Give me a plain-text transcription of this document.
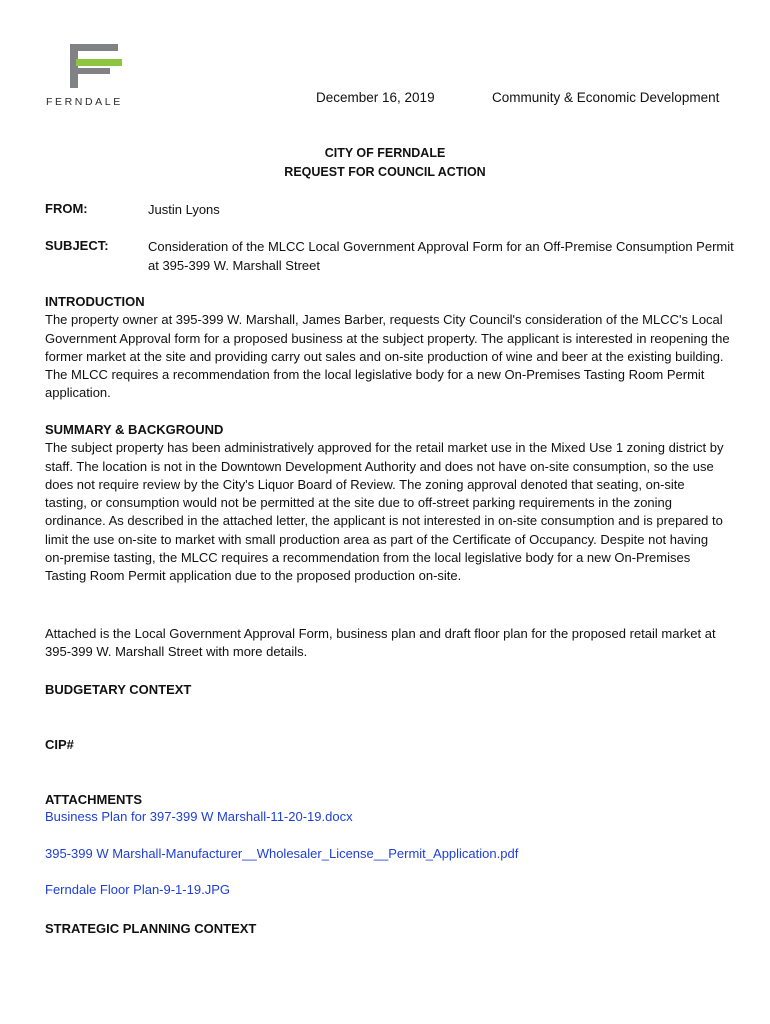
FERNDALE	December 16, 2019	Community & Economic Development
CITY OF FERNDALE
REQUEST FOR COUNCIL ACTION
FROM:	Justin Lyons
SUBJECT:	Consideration of the MLCC Local Government Approval Form for an Off-Premise Consumption Permit at 395-399 W. Marshall Street
INTRODUCTION

The property owner at 395-399 W. Marshall, James Barber, requests City Council's consideration of the MLCC's Local Government Approval form for a proposed business at the subject property. The applicant is interested in reopening the former market at the site and providing carry out sales and on-site production of wine and beer at the existing building. The MLCC requires a recommendation from the local legislative body for a new On-Premises Tasting Room Permit application.

SUMMARY & BACKGROUND

The subject property has been administratively approved for the retail market use in the Mixed Use 1 zoning district by staff. The location is not in the Downtown Development Authority and does not have on-site consumption, so the use does not require review by the City's Liquor Board of Review. The zoning approval denoted that seating, on-site tasting, or consumption would not be permitted at the site due to off-street parking requirements in the zoning ordinance. As described in the attached letter, the applicant is not interested in on-site consumption and is prepared to limit the use on-site to market with small production area as part of the Certificate of Occupancy. Despite not having on-premise tasting, the MLCC requires a recommendation from the local legislative body for a new On-Premises Tasting Room Permit application due to the proposed production on-site.

Attached is the Local Government Approval Form, business plan and draft floor plan for the proposed retail market at 395-399 W. Marshall Street with more details.
BUDGETARY CONTEXT
CIP#
ATTACHMENTS
Business Plan for 397-399 W Marshall-11-20-19.docx
395-399 W Marshall-Manufacturer__Wholesaler_License__Permit_Application.pdf
Ferndale Floor Plan-9-1-19.JPG
STRATEGIC PLANNING CONTEXT
